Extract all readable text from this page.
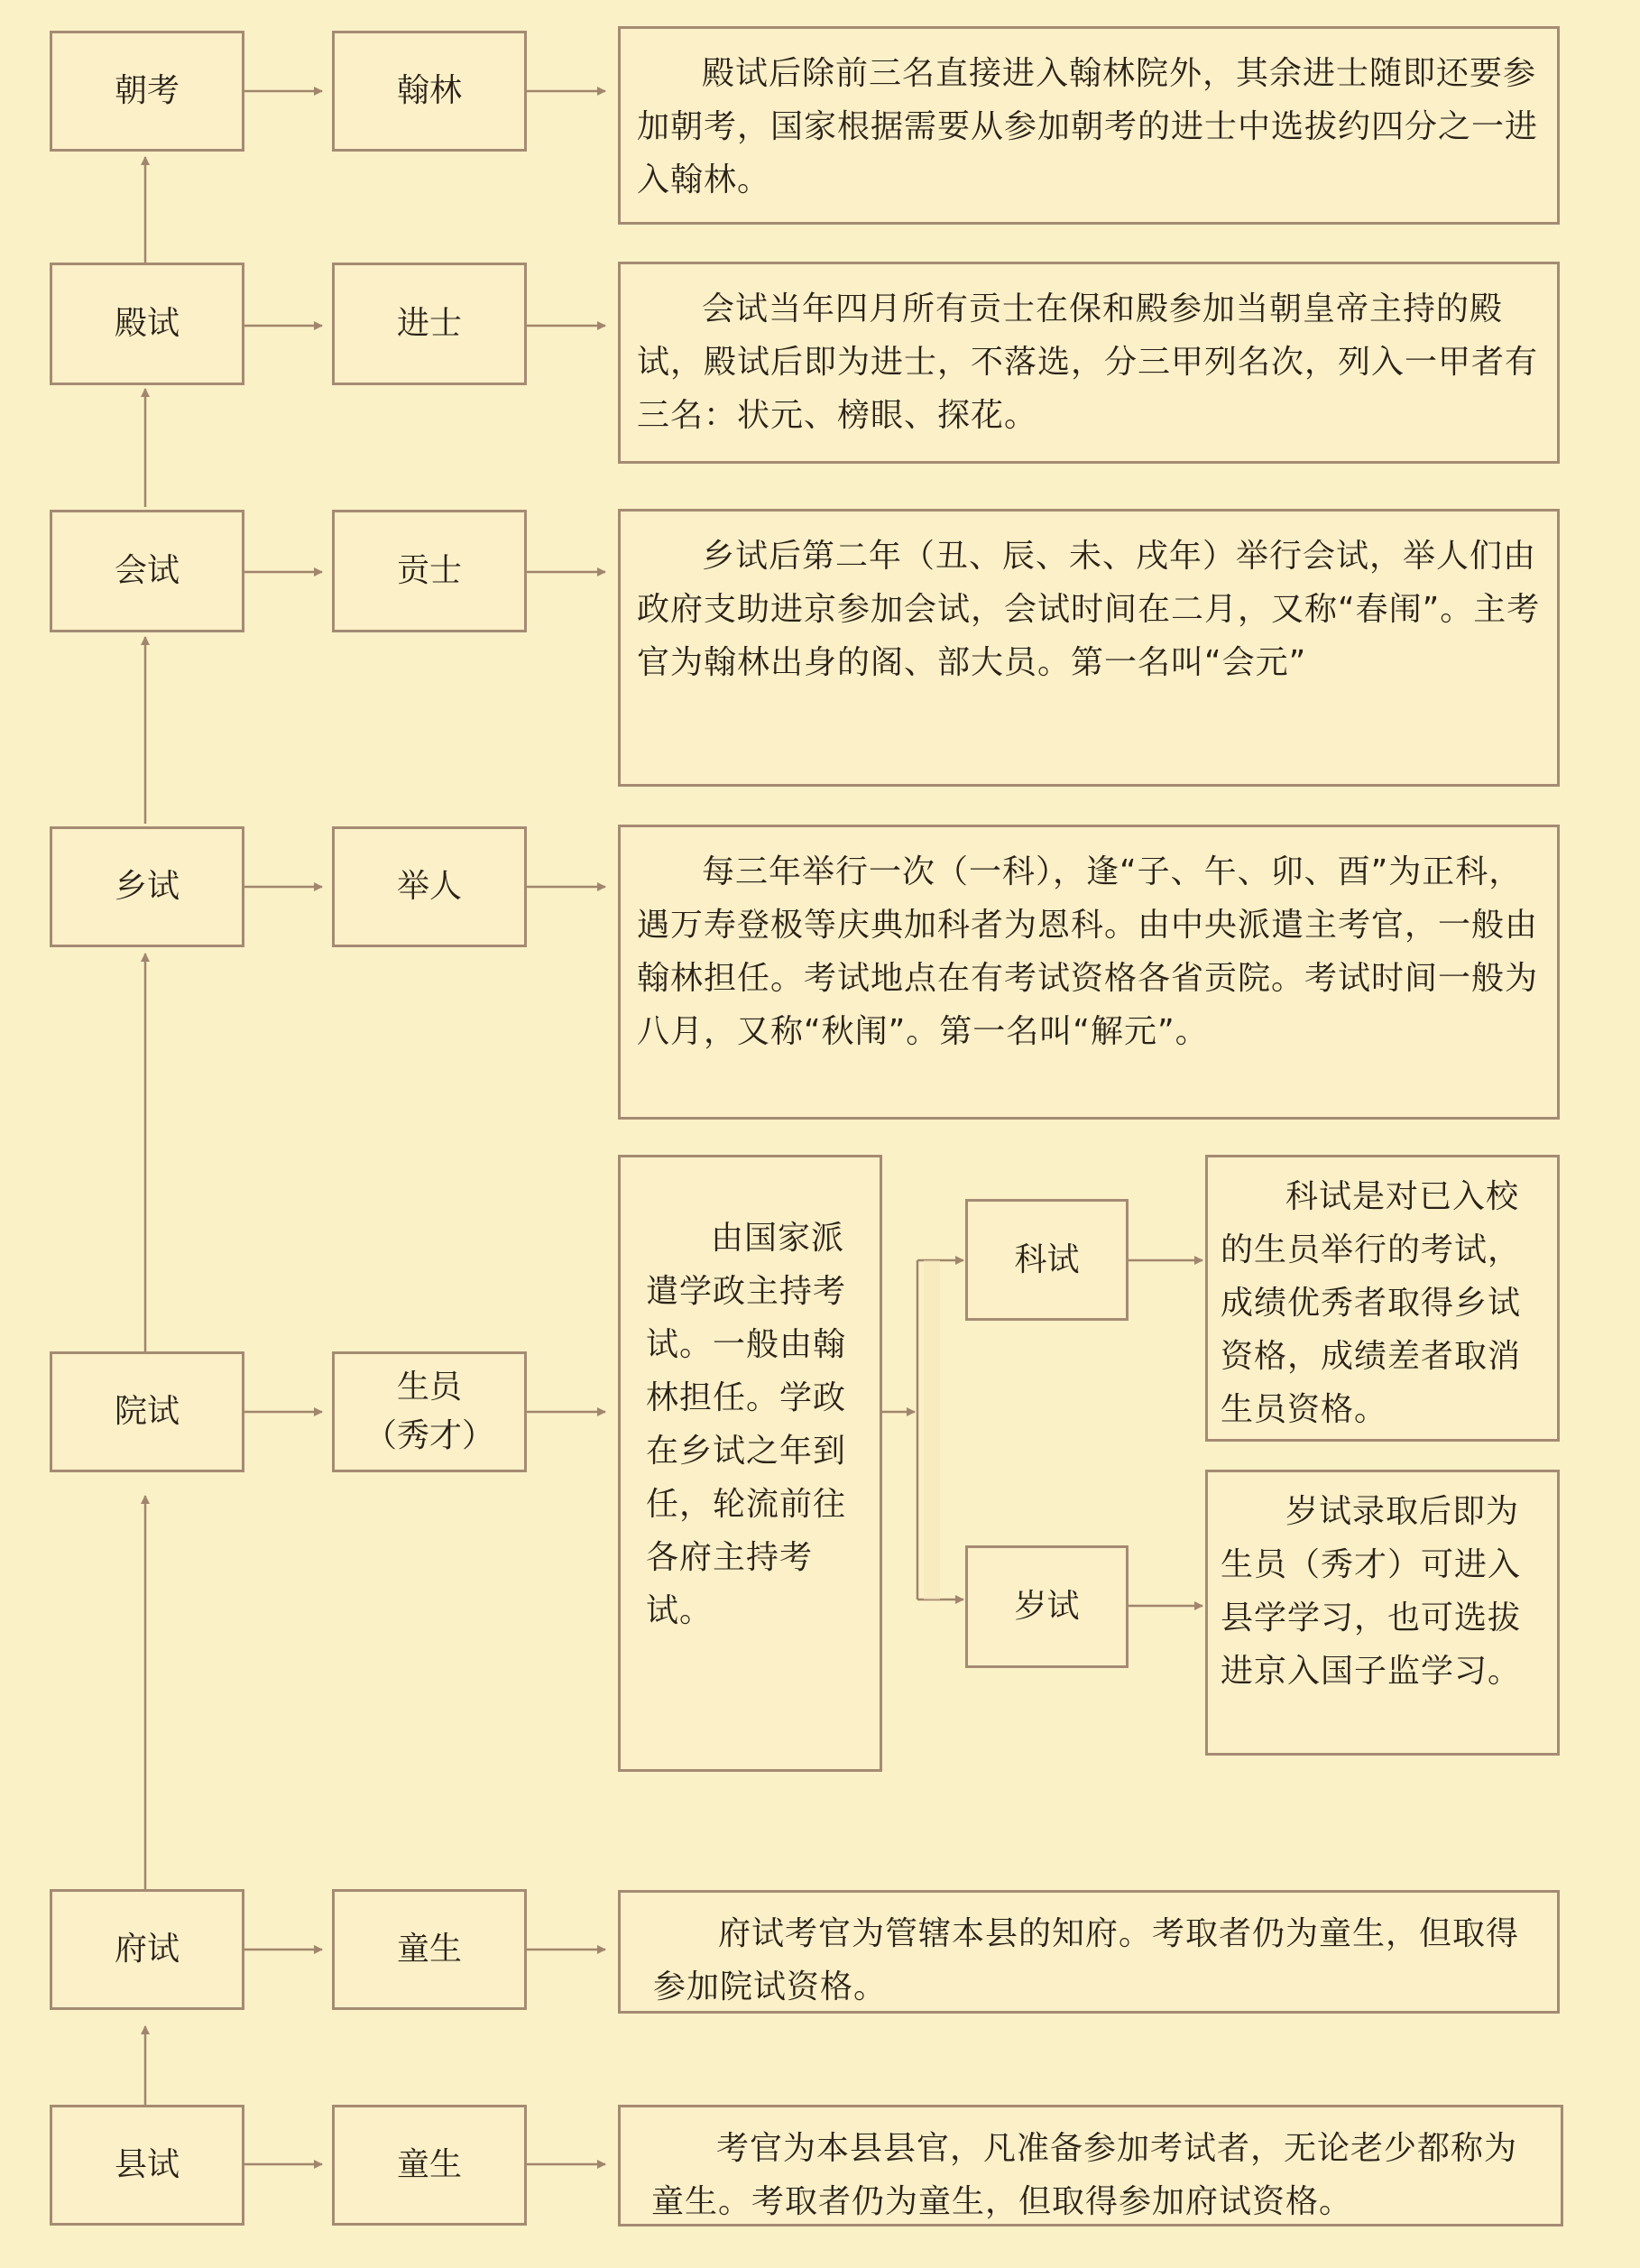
朝考
殿试
会试
乡试
院试
府试
县试
翰林
进士
贡士
举人
生员
（秀才）
童生
童生
殿试后除前三名直接进入翰林院外，其余进士随即还要参加朝考，国家根据需要从参加朝考的进士中选拔约四分之一进入翰林。
会试当年四月所有贡士在保和殿参加当朝皇帝主持的殿试，殿试后即为进士，不落选，分三甲列名次，列入一甲者有三名：状元、榜眼、探花。
乡试后第二年（丑、辰、未、戌年）举行会试，举人们由政府支助进京参加会试，会试时间在二月，又称“春闱”。主考官为翰林出身的阁、部大员。第一名叫“会元”
每三年举行一次（一科），逢“子、午、卯、酉”为正科，遇万寿登极等庆典加科者为恩科。由中央派遣主考官，一般由翰林担任。考试地点在有考试资格各省贡院。考试时间一般为八月，又称“秋闱”。第一名叫“解元”。
由国家派遣学政主持考试。一般由翰林担任。学政在乡试之年到任，轮流前往各府主持考试。
科试
岁试
科试是对已入校的生员举行的考试，成绩优秀者取得乡试资格，成绩差者取消生员资格。
岁试录取后即为生员（秀才）可进入县学学习，也可选拔进京入国子监学习。
府试考官为管辖本县的知府。考取者仍为童生，但取得参加院试资格。
考官为本县县官，凡准备参加考试者，无论老少都称为童生。考取者仍为童生，但取得参加府试资格。
